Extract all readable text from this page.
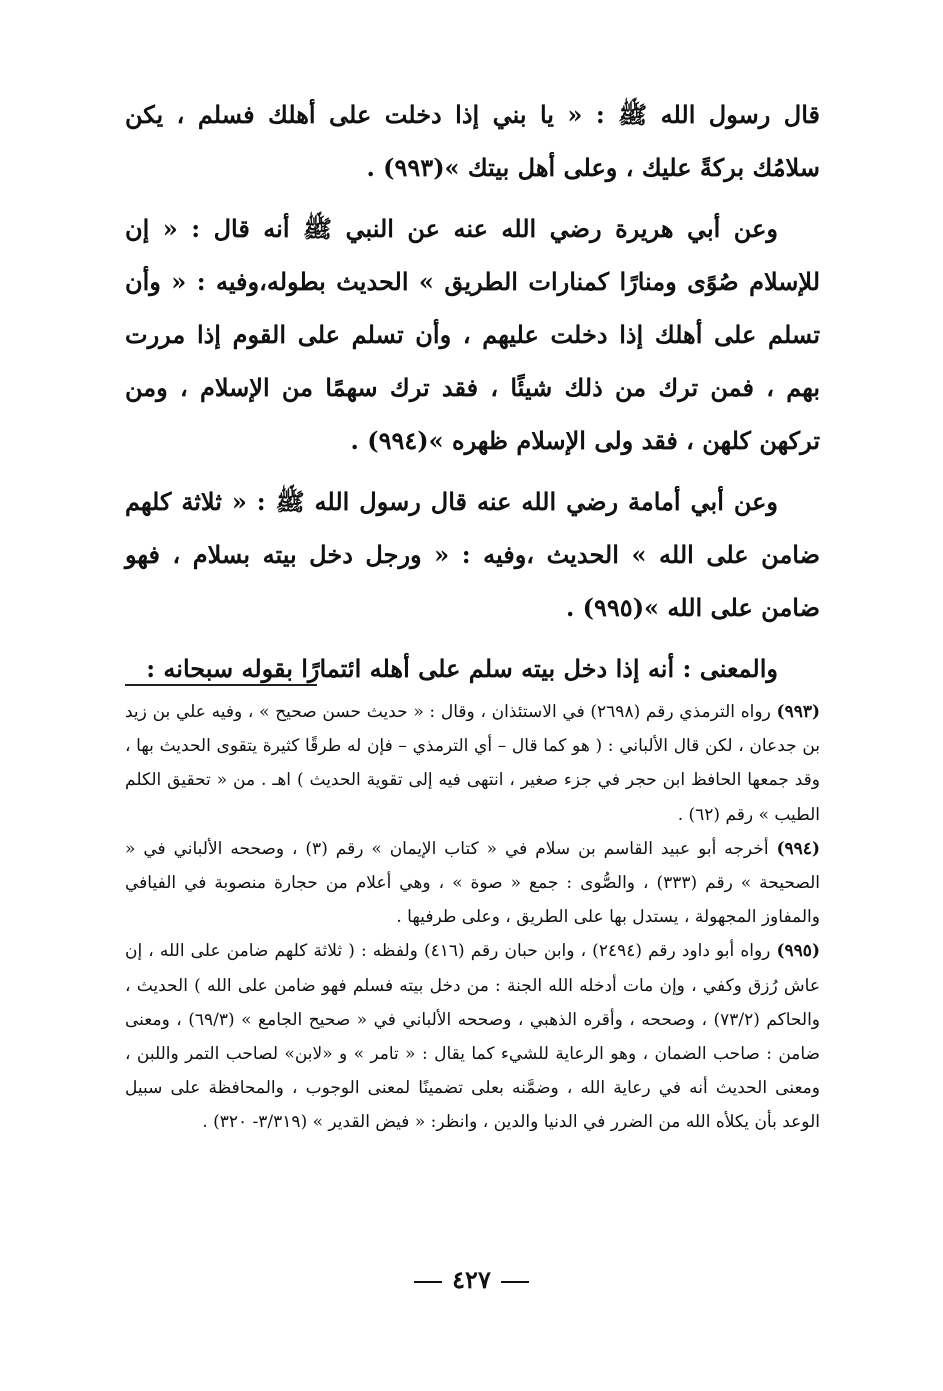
قال رسول الله ﷺ : « يا بني إذا دخلت على أهلك فسلم ، يكن سلامُك بركةً عليك ، وعلى أهل بيتك »(٩٩٣) .

وعن أبي هريرة رضي الله عنه عن النبي ﷺ أنه قال : « إن للإسلام صُوًى ومنارًا كمنارات الطريق » الحديث بطوله،وفيه : « وأن تسلم على أهلك إذا دخلت عليهم ، وأن تسلم على القوم إذا مررت بهم ، فمن ترك من ذلك شيئًا ، فقد ترك سهمًا من الإسلام ، ومن تركهن كلهن ، فقد ولى الإسلام ظهره »(٩٩٤) .

وعن أبي أمامة رضي الله عنه قال رسول الله ﷺ : « ثلاثة كلهم ضامن على الله » الحديث ،وفيه : « ورجل دخل بيته بسلام ، فهو ضامن على الله »(٩٩٥) .

والمعنى : أنه إذا دخل بيته سلم على أهله ائتمارًا بقوله سبحانه :

(٩٩٣) رواه الترمذي رقم (٢٦٩٨) في الاستئذان ، وقال : « حديث حسن صحيح » ، وفيه علي بن زيد بن جدعان ، لكن قال الألباني : ( هو كما قال – أي الترمذي – فإن له طرقًا كثيرة يتقوى الحديث بها ، وقد جمعها الحافظ ابن حجر في جزء صغير ، انتهى فيه إلى تقوية الحديث ) اهـ . من « تحقيق الكلم الطيب » رقم (٦٢) .

(٩٩٤) أخرجه أبو عبيد القاسم بن سلام في « كتاب الإيمان » رقم (٣) ، وصححه الألباني في « الصحيحة » رقم (٣٣٣) ، والصُّوى : جمع « صوة » ، وهي أعلام من حجارة منصوبة في الفيافي والمفاوز المجهولة ، يستدل بها على الطريق ، وعلى طرفيها .

(٩٩٥) رواه أبو داود رقم (٢٤٩٤) ، وابن حبان رقم (٤١٦) ولفظه : ( ثلاثة كلهم ضامن على الله ، إن عاش رُزق وكفي ، وإن مات أدخله الله الجنة : من دخل بيته فسلم فهو ضامن على الله ) الحديث ، والحاكم (٧٣/٢) ، وصححه ، وأقره الذهبي ، وصححه الألباني في « صحيح الجامع » (٦٩/٣) ، ومعنى ضامن : صاحب الضمان ، وهو الرعاية للشيء كما يقال : « تامر » و «لابن» لصاحب التمر واللبن ، ومعنى الحديث أنه في رعاية الله ، وضمَّنه بعلى تضمينًا لمعنى الوجوب ، والمحافظة على سبيل الوعد بأن يكلأه الله من الضرر في الدنيا والدين ، وانظر: « فيض القدير » (٣/٣١٩- ٣٢٠) .

٤٢٧
